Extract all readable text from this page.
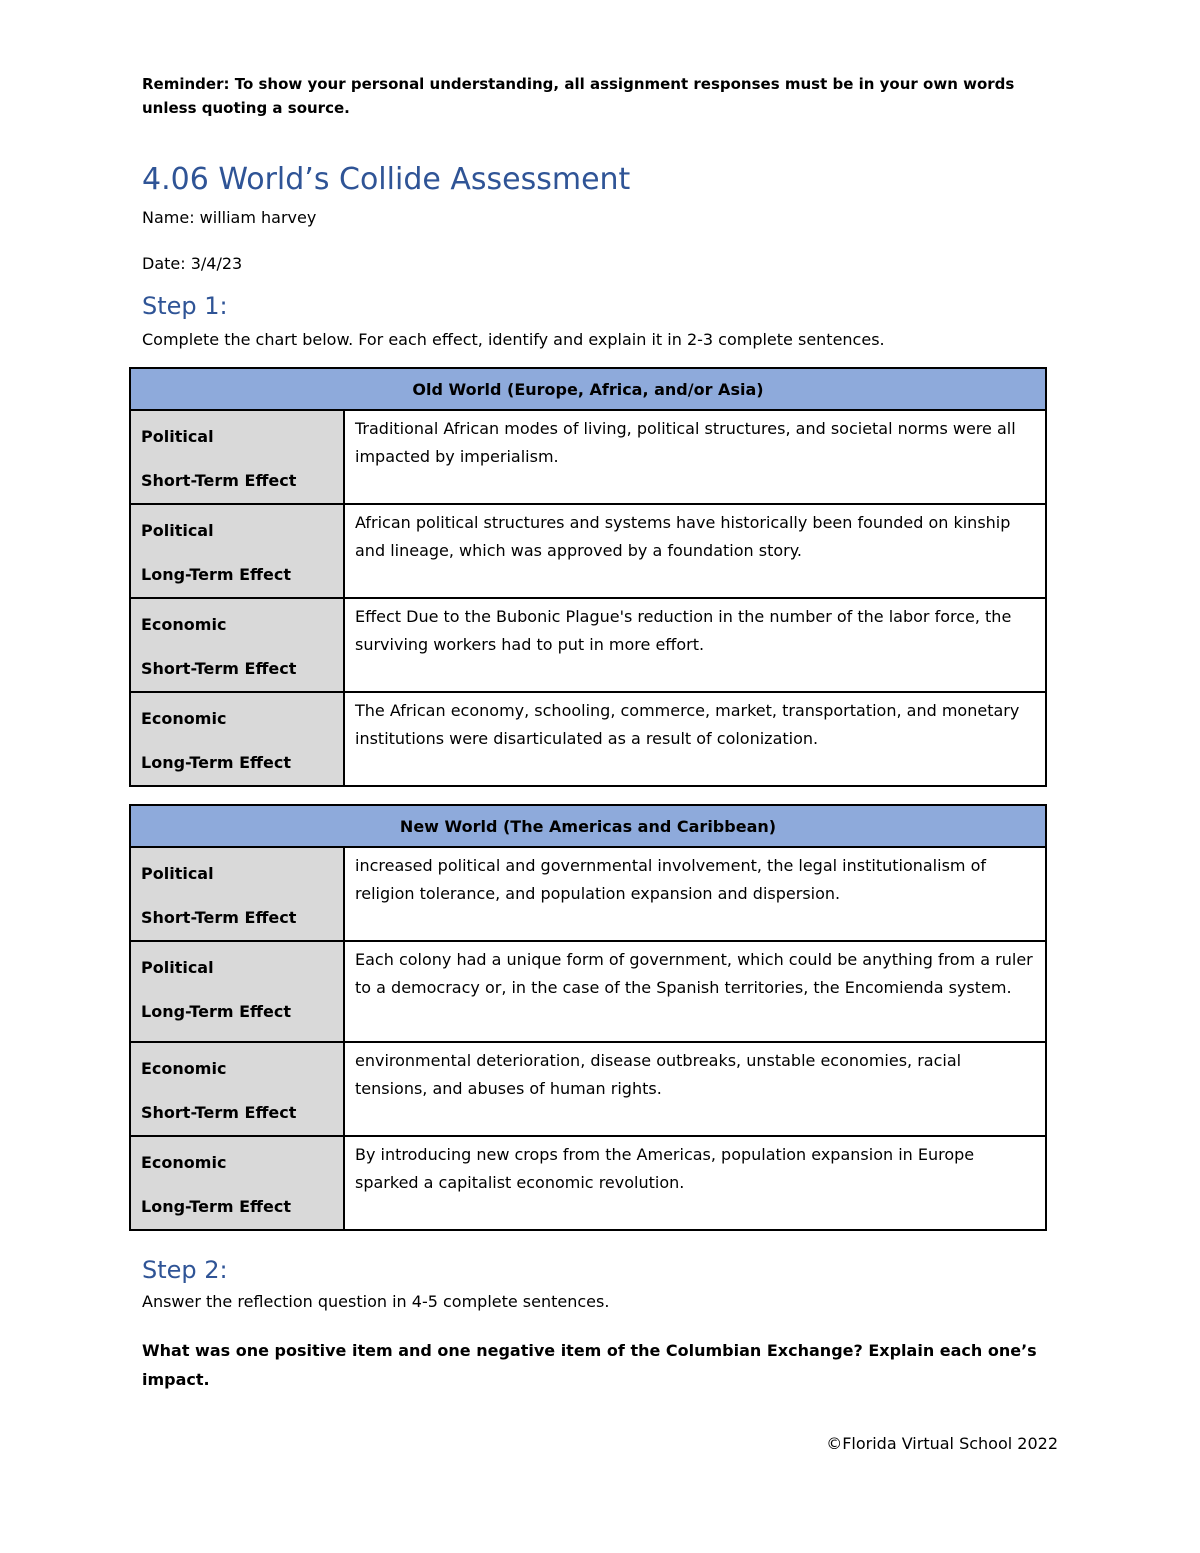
Reminder: To show your personal understanding, all assignment responses must be in your own words unless quoting a source.
4.06 World’s Collide Assessment
Name: william harvey
Date: 3/4/23
Step 1:
Complete the chart below. For each effect, identify and explain it in 2-3 complete sentences.
Old World (Europe, Africa, and/or Asia)	

Political
Short-Term Effect	Traditional African modes of living, political structures, and societal norms were all impacted by imperialism.

Political
Long-Term Effect	African political structures and systems have historically been founded on kinship and lineage, which was approved by a foundation story.

Economic
Short-Term Effect	Effect Due to the Bubonic Plague's reduction in the number of the labor force, the surviving workers had to put in more effort.

Economic
Long-Term Effect	The African economy, schooling, commerce, market, transportation, and monetary institutions were disarticulated as a result of colonization.
New World (The Americas and Caribbean)	

Political
Short-Term Effect	increased political and governmental involvement, the legal institutionalism of religion tolerance, and population expansion and dispersion.

Political
Long-Term Effect	Each colony had a unique form of government, which could be anything from a ruler to a democracy or, in the case of the Spanish territories, the Encomienda system.

Economic
Short-Term Effect	environmental deterioration, disease outbreaks, unstable economies, racial tensions, and abuses of human rights.

Economic
Long-Term Effect	By introducing new crops from the Americas, population expansion in Europe sparked a capitalist economic revolution.
Step 2:
Answer the reflection question in 4-5 complete sentences.
What was one positive item and one negative item of the Columbian Exchange? Explain each one’s impact.
©Florida Virtual School 2022
